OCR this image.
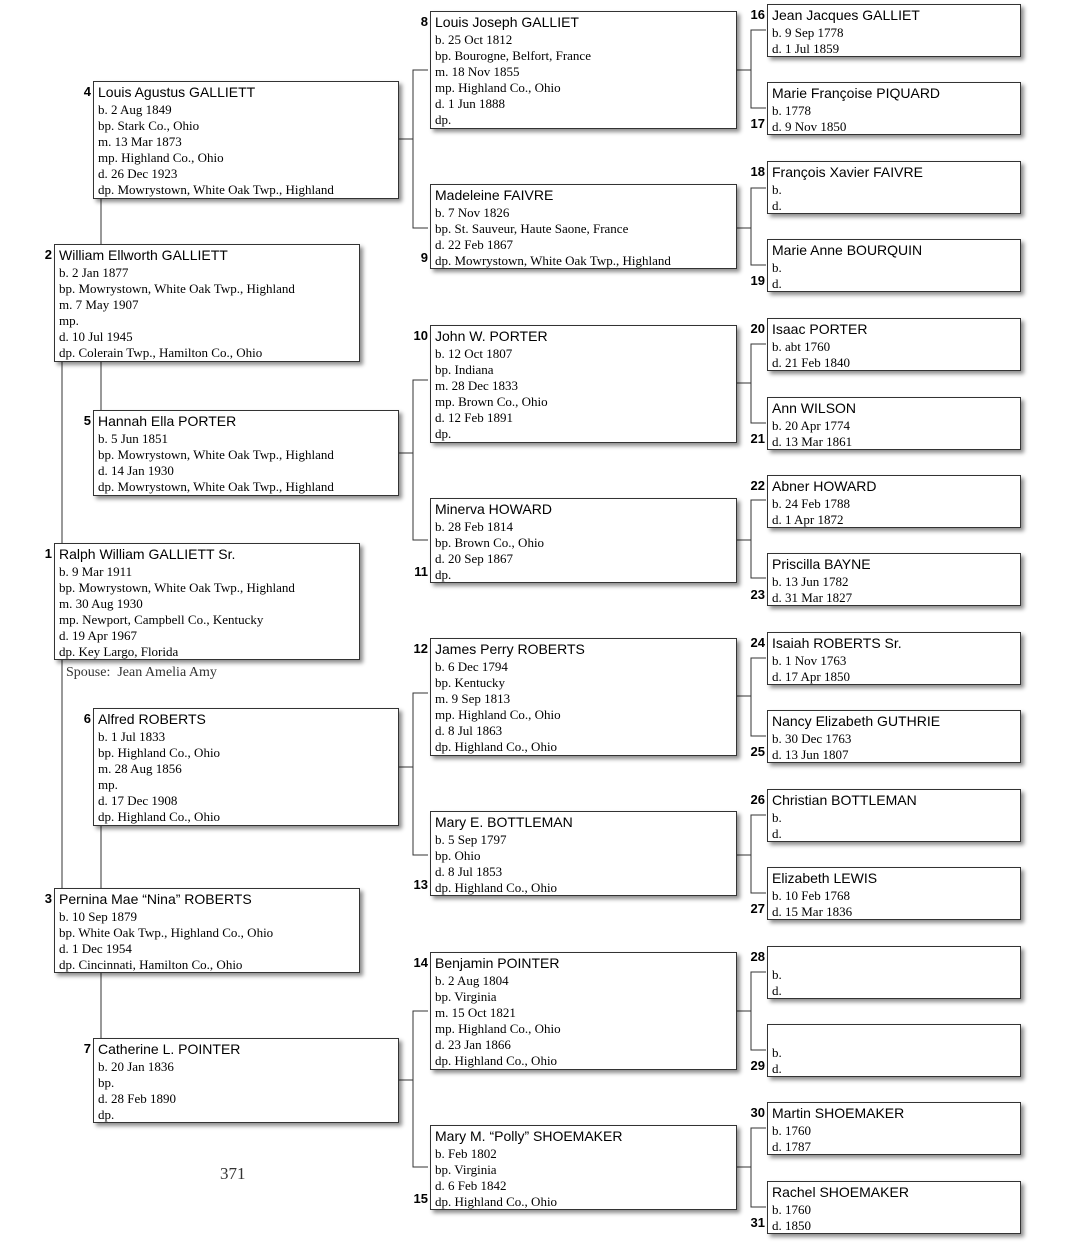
1 Ralph William GALLIETT Sr.
b. 9 Mar 1911
bp. Mowrystown, White Oak Twp., Highland
m. 30 Aug 1930
mp. Newport, Campbell Co., Kentucky
d. 19 Apr 1967
dp. Key Largo, Florida
Spouse: Jean Amelia Amy
2 William Ellworth GALLIETT
b. 2 Jan 1877
bp. Mowrystown, White Oak Twp., Highland
m. 7 May 1907
mp.
d. 10 Jul 1945
dp. Colerain Twp., Hamilton Co., Ohio
3 Pernina Mae “Nina” ROBERTS
b. 10 Sep 1879
bp. White Oak Twp., Highland Co., Ohio
d. 1 Dec 1954
dp. Cincinnati, Hamilton Co., Ohio
4 Louis Agustus GALLIETT
b. 2 Aug 1849
bp. Stark Co., Ohio
m. 13 Mar 1873
mp. Highland Co., Ohio
d. 26 Dec 1923
dp. Mowrystown, White Oak Twp., Highland
5 Hannah Ella PORTER
b. 5 Jun 1851
bp. Mowrystown, White Oak Twp., Highland
d. 14 Jan 1930
dp. Mowrystown, White Oak Twp., Highland
6 Alfred ROBERTS
b. 1 Jul 1833
bp. Highland Co., Ohio
m. 28 Aug 1856
mp.
d. 17 Dec 1908
dp. Highland Co., Ohio
7 Catherine L. POINTER
b. 20 Jan 1836
bp.
d. 28 Feb 1890
dp.
8 Louis Joseph GALLIET
b. 25 Oct 1812
bp. Bourogne, Belfort, France
m. 18 Nov 1855
mp. Highland Co., Ohio
d. 1 Jun 1888
dp.
9
Madeleine FAIVRE
b. 7 Nov 1826
bp. St. Sauveur, Haute Saone, France
d. 22 Feb 1867
dp. Mowrystown, White Oak Twp., Highland
10 John W. PORTER
b. 12 Oct 1807
bp. Indiana
m. 28 Dec 1833
mp. Brown Co., Ohio
d. 12 Feb 1891
dp.
11
Minerva HOWARD
b. 28 Feb 1814
bp. Brown Co., Ohio
d. 20 Sep 1867
dp.
12 James Perry ROBERTS
b. 6 Dec 1794
bp. Kentucky
m. 9 Sep 1813
mp. Highland Co., Ohio
d. 8 Jul 1863
dp. Highland Co., Ohio
13
Mary E. BOTTLEMAN
b. 5 Sep 1797
bp. Ohio
d. 8 Jul 1853
dp. Highland Co., Ohio
14 Benjamin POINTER
b. 2 Aug 1804
bp. Virginia
m. 15 Oct 1821
mp. Highland Co., Ohio
d. 23 Jan 1866
dp. Highland Co., Ohio
15
Mary M. “Polly” SHOEMAKER
b. Feb 1802
bp. Virginia
d. 6 Feb 1842
dp. Highland Co., Ohio
16 Jean Jacques GALLIET
b. 9 Sep 1778
d. 1 Jul 1859
17
Marie Françoise PIQUARD
b. 1778
d. 9 Nov 1850
18 François Xavier FAIVRE
b.
d.
19
Marie Anne BOURQUIN
b.
d.
20 Isaac PORTER
b. abt 1760
d. 21 Feb 1840
21
Ann WILSON
b. 20 Apr 1774
d. 13 Mar 1861
22 Abner HOWARD
b. 24 Feb 1788
d. 1 Apr 1872
23
Priscilla BAYNE
b. 13 Jun 1782
d. 31 Mar 1827
24 Isaiah ROBERTS Sr.
b. 1 Nov 1763
d. 17 Apr 1850
25
Nancy Elizabeth GUTHRIE
b. 30 Dec 1763
d. 13 Jun 1807
26 Christian BOTTLEMAN
b.
d.
27
Elizabeth LEWIS
b. 10 Feb 1768
d. 15 Mar 1836
28

b.
d.
29

b.
d.
30 Martin SHOEMAKER
b. 1760
d. 1787
31
Rachel SHOEMAKER
b. 1760
d. 1850
371
